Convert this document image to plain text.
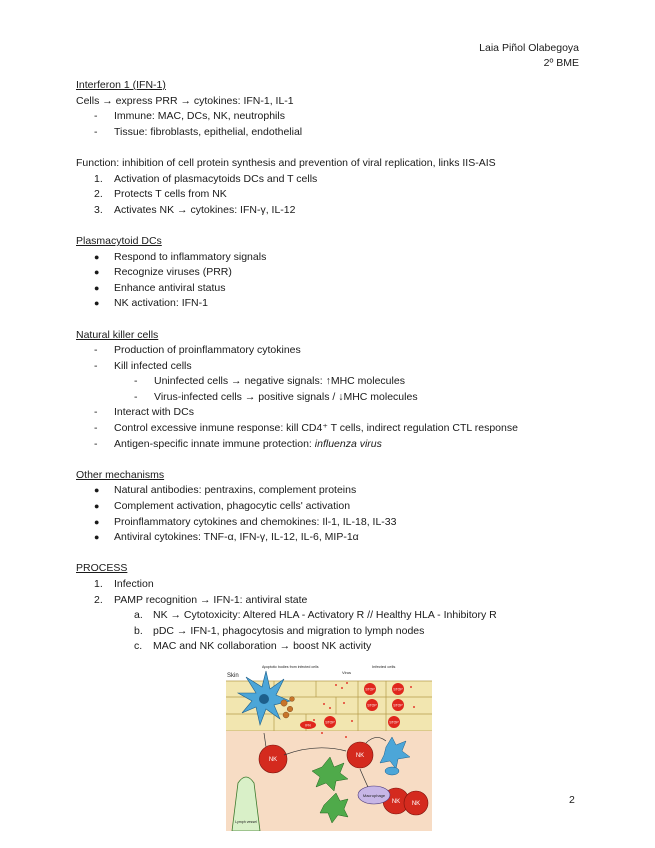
Laia Piñol Olabegoya
2º BME
Interferon 1 (IFN-1)
Cells → express PRR → cytokines: IFN-1, IL-1
- Immune: MAC, DCs, NK, neutrophils
- Tissue: fibroblasts, epithelial, endothelial
Function: inhibition of cell protein synthesis and prevention of viral replication, links IIS-AIS
1. Activation of plasmacytoids DCs and T cells
2. Protects T cells from NK
3. Activates NK → cytokines: IFN-γ, IL-12
Plasmacytoid DCs
● Respond to inflammatory signals
● Recognize viruses (PRR)
● Enhance antiviral status
● NK activation: IFN-1
Natural killer cells
- Production of proinflammatory cytokines
- Kill infected cells
- Uninfected cells → negative signals: ↑MHC molecules
- Virus-infected cells → positive signals / ↓MHC molecules
- Interact with DCs
- Control excessive inmune response: kill CD4⁺ T cells, indirect regulation CTL response
- Antigen-specific innate immune protection: influenza virus
Other mechanisms
● Natural antibodies: pentraxins, complement proteins
● Complement activation, phagocytic cells' activation
● Proinflammatory cytokines and chemokines: Il-1, IL-18, IL-33
● Antiviral cytokines: TNF-α, IFN-γ, IL-12, IL-6, MIP-1α
PROCESS
1. Infection
2. PAMP recognition → IFN-1: antiviral state
a. NK → Cytotoxicity: Altered HLA - Activatory R // Healthy HLA - Inhibitory R
b. pDC → IFN-1, phagocytosis and migration to lymph nodes
c. MAC and NK collaboration → boost NK activity
Skin
Apoptotic bodies from infected cells
Virus
Infected cells
STOP	STOP
STOP	STOP
STOP	STOP
NK
NK
NK NK
IFN
Macrophage
Lymph vessel
2
